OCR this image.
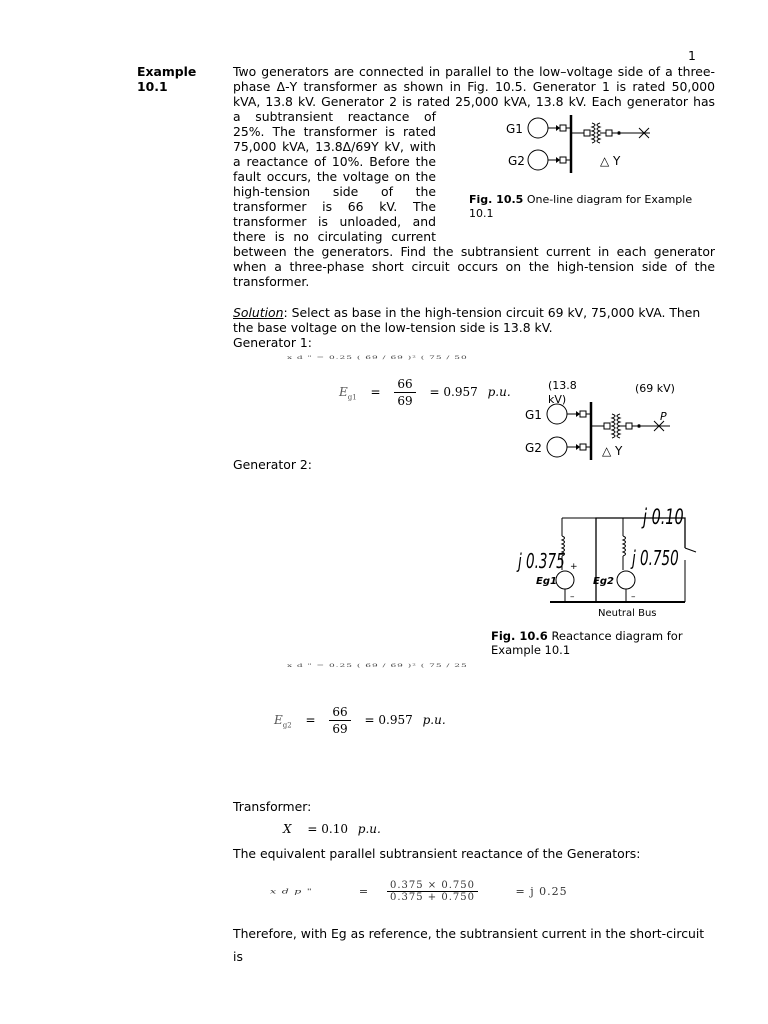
1
Example
10.1
Two generators are connected in parallel to the low–voltage side of a three-
phase Δ-Y transformer as shown in Fig. 10.5. Generator 1 is rated 50,000
kVA, 13.8 kV. Generator 2 is rated 25,000 kVA, 13.8 kV. Each generator has
a subtransient reactance of
25%. The transformer is rated
75,000 kVA, 13.8Δ/69Y kV, with
a reactance of 10%. Before the
fault occurs, the voltage on the
high-tension side of the
transformer is 66 kV. The
transformer is unloaded, and
there is no circulating current
between the generators. Find the subtransient current in each generator
when a three-phase short circuit occurs on the high-tension side of the
transformer.
G1
G2	△ Y
Fig. 10.5 One-line diagram for Example
10.1
Solution: Select as base in the high-tension circuit 69 kV, 75,000 kVA. Then
the base voltage on the low-tension side is 13.8 kV.
Generator 1:
x d " = 0.25 ( 69 / 69 )² ( 75 / 50
$E_{g1} = \frac{66}{69} = 0.957$ p.u.	(13.8
kV)
(69 kV)
G1
G2
P
△ Y
Generator 2:
j 0.10
j 0.375	j 0.750
Eg1	Eg2
+
–	–
Neutral Bus
Fig. 10.6 Reactance diagram for
Example 10.1
x d " = 0.25 ( 69 / 69 )² ( 75 / 25
$E_{g2} = \frac{66}{69} = 0.957$ p.u.
Transformer:
X = 0.10 p.u.
The equivalent parallel subtransient reactance of the Generators:
x d p "	= $\frac{0.375 \times 0.750}{0.375 + 0.750}$	= j 0.25
Therefore, with Eg as reference, the subtransient current in the short-circuit
is
